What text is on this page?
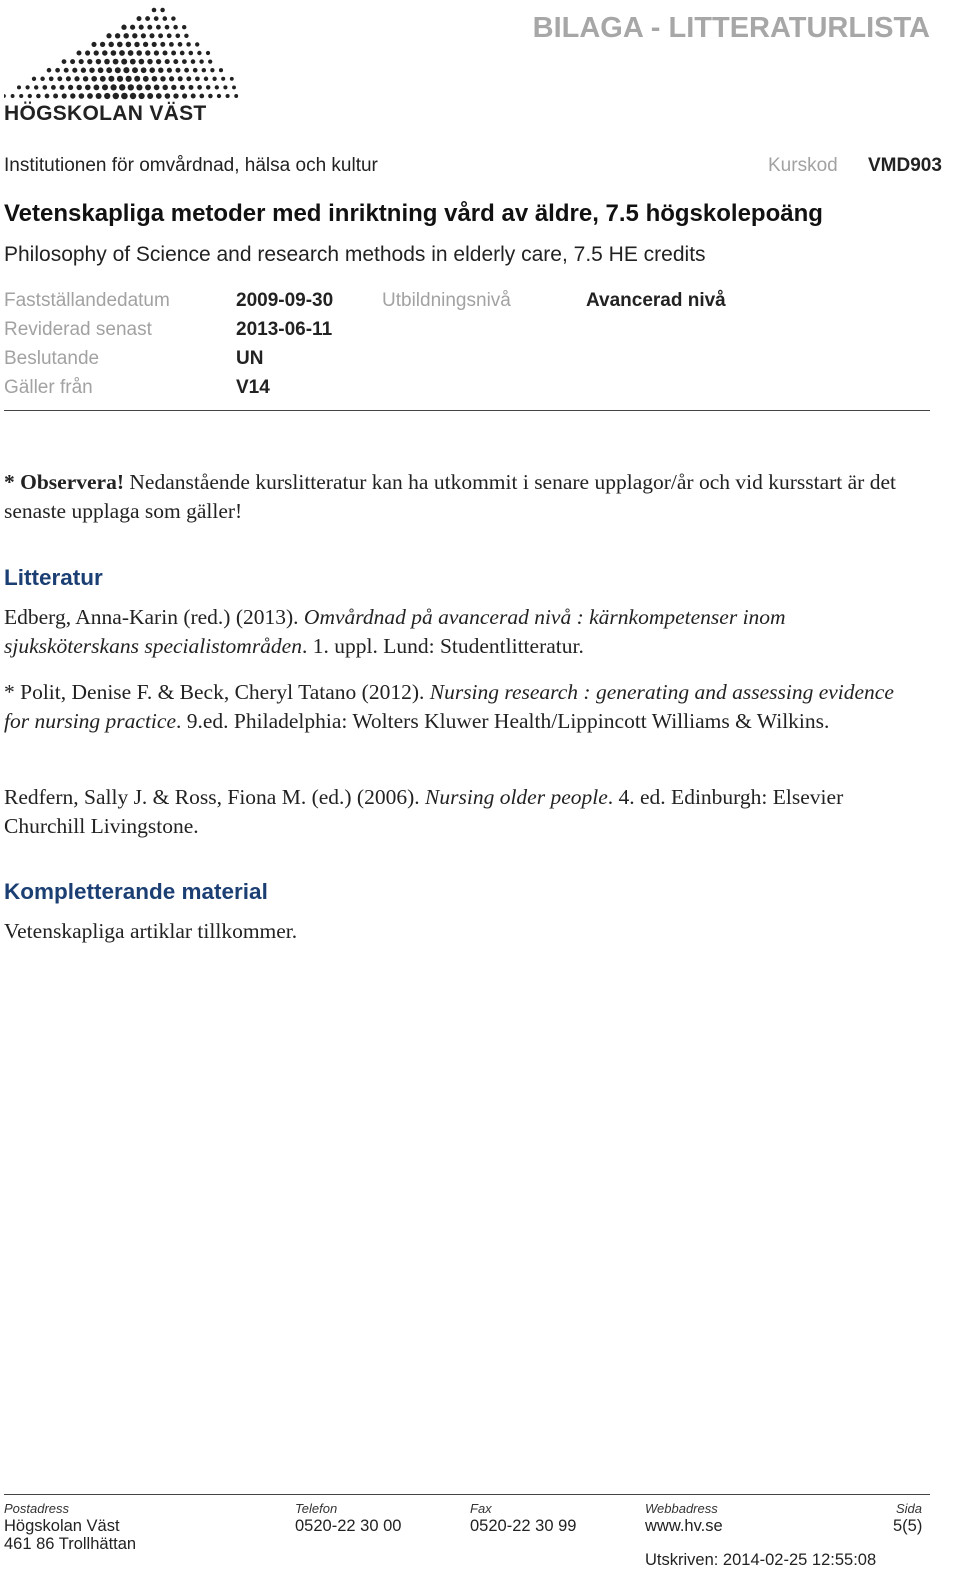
HÖGSKOLAN VÄST
BILAGA - LITTERATURLISTA
Institutionen för omvårdnad, hälsa och kultur	Kurskod VMD903
Vetenskapliga metoder med inriktning vård av äldre, 7.5 högskolepoäng
Philosophy of Science and research methods in elderly care, 7.5 HE credits
Fastställandedatum	2009-09-30	Utbildningsnivå	Avancerad nivå
Reviderad senast	2013-06-11
Beslutande	UN
Gäller från	V14
* Observera! Nedanstående kurslitteratur kan ha utkommit i senare upplagor/år och vid kursstart är det senaste upplaga som gäller!
Litteratur
Edberg, Anna-Karin (red.) (2013). Omvårdnad på avancerad nivå : kärnkompetenser inom sjuksköterskans specialistområden. 1. uppl. Lund: Studentlitteratur.
* Polit, Denise F. & Beck, Cheryl Tatano (2012). Nursing research : generating and assessing evidence for nursing practice. 9.ed. Philadelphia: Wolters Kluwer Health/Lippincott Williams & Wilkins.
Redfern, Sally J. & Ross, Fiona M. (ed.) (2006). Nursing older people. 4. ed. Edinburgh: Elsevier Churchill Livingstone.
Kompletterande material
Vetenskapliga artiklar tillkommer.
Postadress
Högskolan Väst
461 86 Trollhättan
Telefon
0520-22 30 00
Fax
0520-22 30 99
Webbadress
www.hv.se
Sida
5(5)
Utskriven: 2014-02-25 12:55:08
